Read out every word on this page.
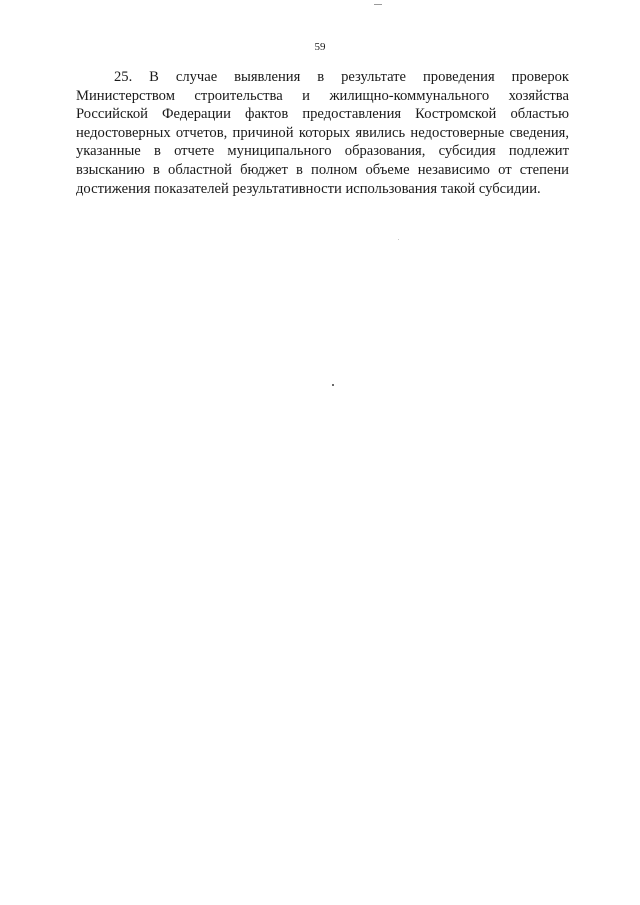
59

25. В случае выявления в результате проведения проверок Министерством строительства и жилищно-коммунального хозяйства Российской Федерации фактов предоставления Костромской областью недостоверных отчетов, причиной которых явились недостоверные сведения, указанные в отчете муниципального образования, субсидия подлежит взысканию в областной бюджет в полном объеме независимо от степени достижения показателей результативности использования такой субсидии.
